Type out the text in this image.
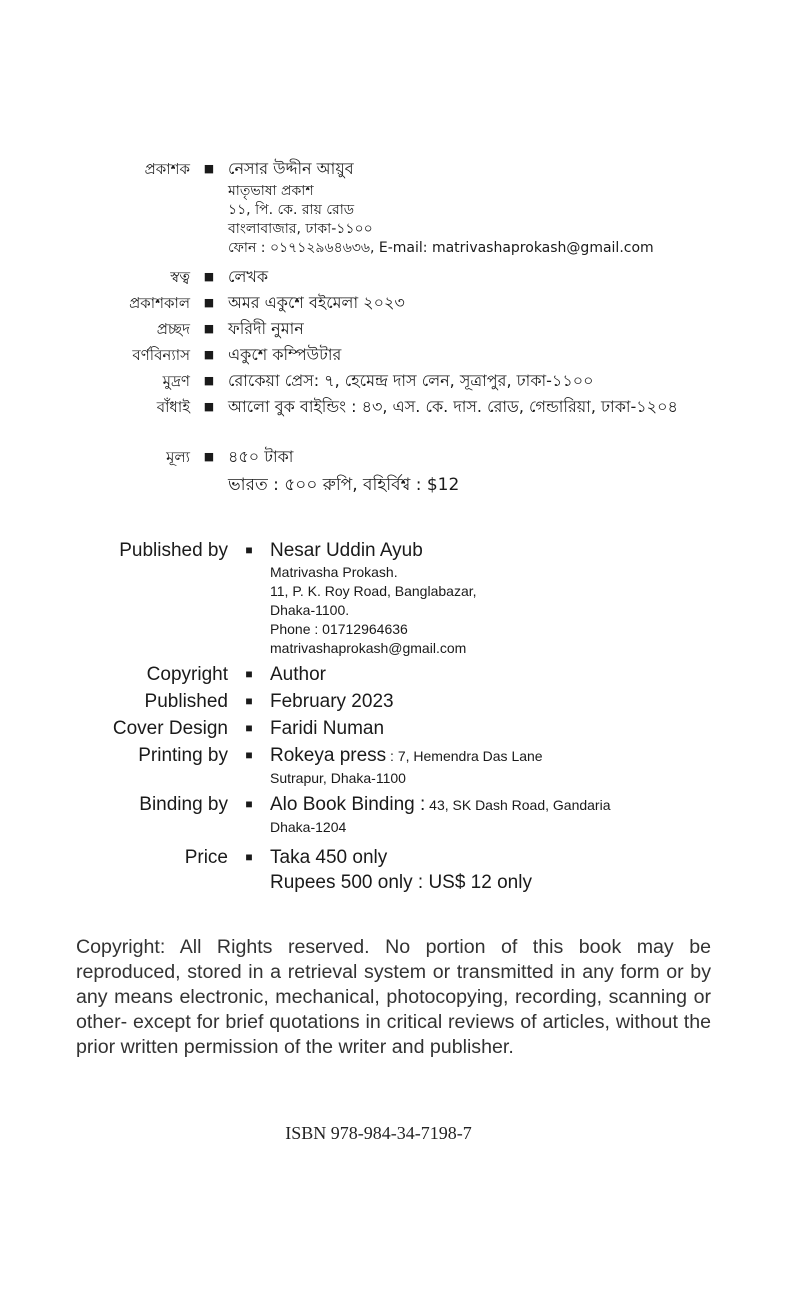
প্রকাশক	■ নেসার উদ্দীন আয়ুব
মাতৃভাষা প্রকাশ
১১, পি. কে. রায় রোড
বাংলাবাজার, ঢাকা-১১০০
ফোন : ০১৭১২৯৬৪৬৩৬, E-mail: matrivashaprokash@gmail.com
স্বত্ব	■ লেখক
প্রকাশকাল	■ অমর একুশে বইমেলা ২০২৩
প্রচ্ছদ	■ ফরিদী নুমান
বর্ণবিন্যাস	■ একুশে কম্পিউটার
মুদ্রণ	■ রোকেয়া প্রেস: ৭, হেমেন্দ্র দাস লেন, সূত্রাপুর, ঢাকা-১১০০
বাঁধাই	■ আলো বুক বাইন্ডিং : ৪৩, এস. কে. দাস. রোড, গেন্ডারিয়া, ঢাকা-১২০৪
মূল্য	■ ৪৫০ টাকা
ভারত : ৫০০ রুপি, বহির্বিশ্ব : $12
Published by	■ Nesar Uddin Ayub
Matrivasha Prokash.
11, P. K. Roy Road, Banglabazar,
Dhaka-1100.
Phone : 01712964636
matrivashaprokash@gmail.com
Copyright	■ Author
Published	■ February 2023
Cover Design	■ Faridi Numan
Printing by	■ Rokeya press : 7, Hemendra Das Lane
Sutrapur, Dhaka-1100
Binding by	■ Alo Book Binding : 43, SK Dash Road, Gandaria
Dhaka-1204
Price	■ Taka 450 only
Rupees 500 only : US$ 12 only
Copyright: All Rights reserved. No portion of this book may be reproduced, stored in a retrieval system or transmitted in any form or by any means electronic, mechanical, photocopying, recording, scanning or other- except for brief quotations in critical reviews of articles, without the prior written permission of the writer and publisher.
ISBN 978-984-34-7198-7
